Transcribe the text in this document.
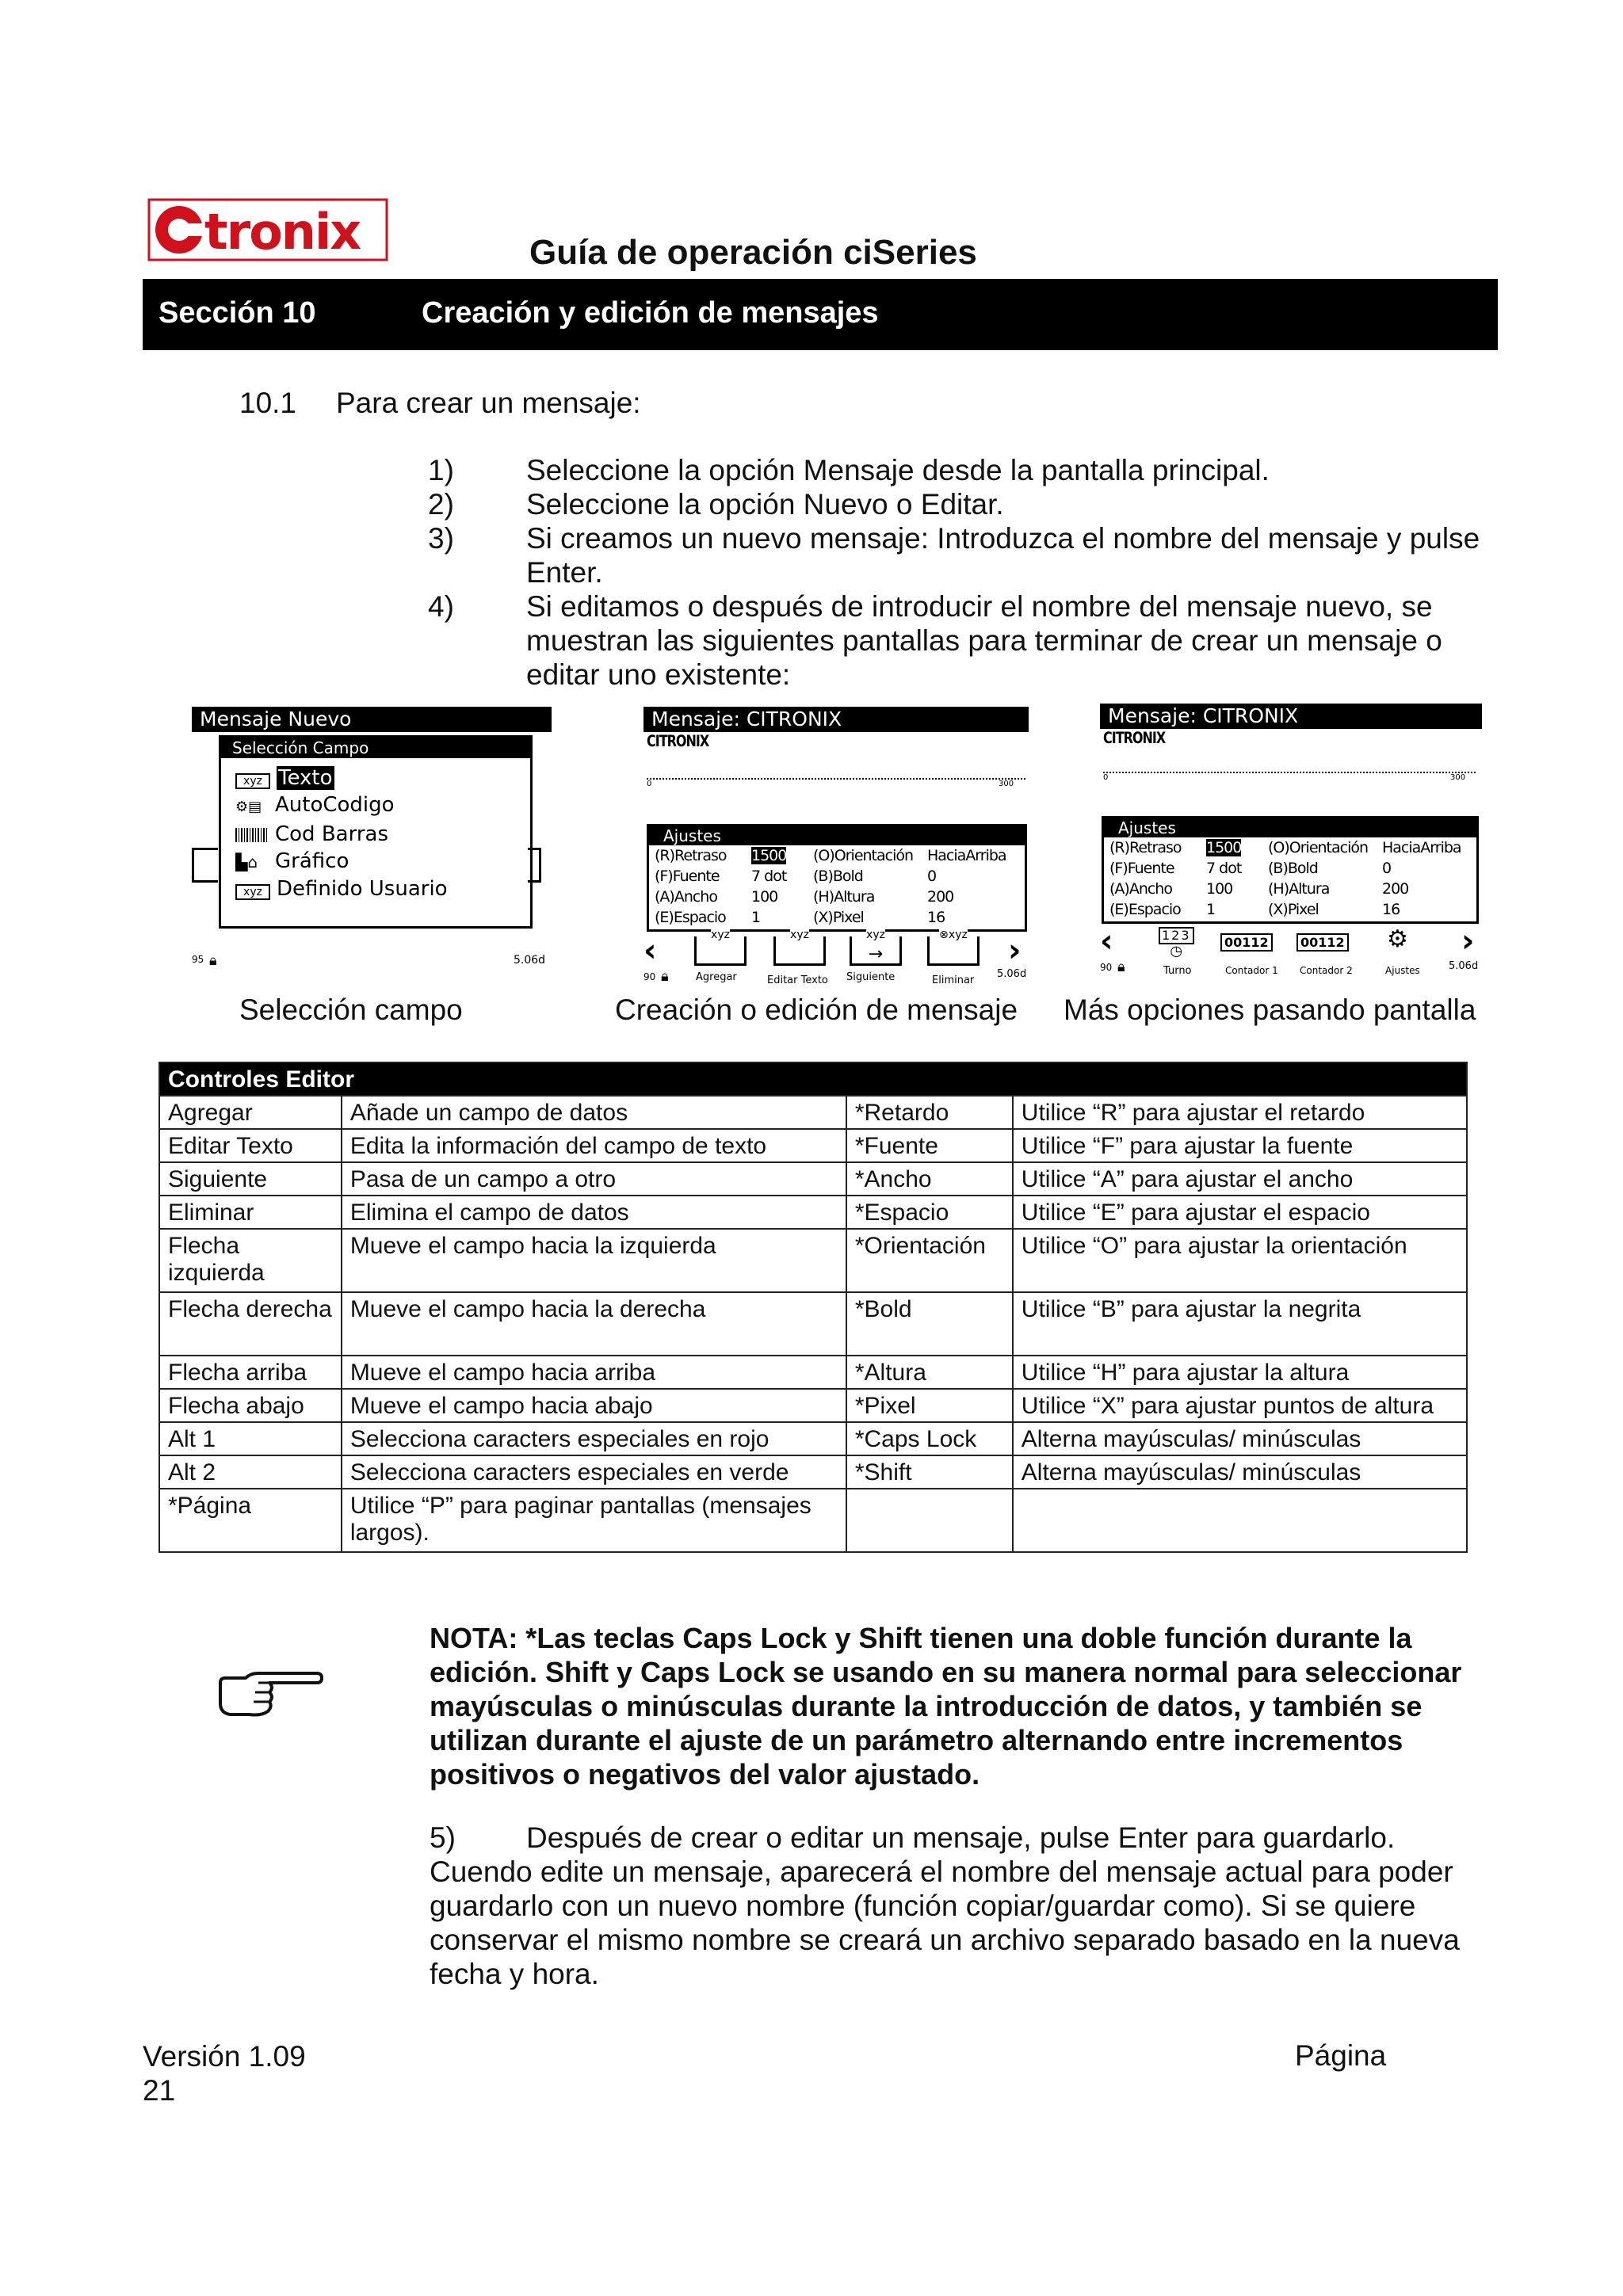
tronix	Guía de operación ciSeries
Sección 10	Creación y edición de mensajes
10.1 Para crear un mensaje:
1)	Seleccione la opción Mensaje desde la pantalla principal.
2)	Seleccione la opción Nuevo o Editar.
3)	Si creamos un nuevo mensaje: Introduzca el nombre del mensaje y pulse Enter.
4)	Si editamos o después de introducir el nombre del mensaje nuevo, se muestran las siguientes pantallas para terminar de crear un mensaje o editar uno existente:
Mensaje Nuevo
Selección Campo
xyz Texto
⚙▤ AutoCodigo
Cod Barras
▙⌂ Gráfico
xyz Definido Usuario
95 🔒︎	5.06d
Selección campo
Mensaje: CITRONIX
CITRONIX
0	300
Ajustes
(R)Retraso	1500	(O)Orientación	HaciaArriba
(F)Fuente	7 dot	(B)Bold	0
(A)Ancho	100	(H)Altura	200
(E)Espacio	1	(X)Pixel	16
‹	xyz	xyz	xyz
→
⊗xyz	›
90 🔒︎	Agregar	Editar Texto Siguiente	Eliminar
5.06d
Creación o edición de mensaje
Mensaje: CITRONIX
CITRONIX
0	300
Ajustes
(R)Retraso	1500	(O)Orientación	HaciaArriba
(F)Fuente	7 dot	(B)Bold	0
(A)Ancho	100	(H)Altura	200
(E)Espacio	1	(X)Pixel	16
‹	123
◷
00112	00112 ⚙︎ ›
90 🔒︎	Turno	Contador 1 Contador 2	Ajustes	5.06d
Más opciones pasando pantalla
Controles Editor			
Agregar	Añade un campo de datos	*Retardo	Utilice “R” para ajustar el retardo
Editar Texto	Edita la información del campo de texto	*Fuente	Utilice “F” para ajustar la fuente
Siguiente	Pasa de un campo a otro	*Ancho	Utilice “A” para ajustar el ancho
Eliminar	Elimina el campo de datos	*Espacio	Utilice “E” para ajustar el espacio
Flecha izquierda	Mueve el campo hacia la izquierda	*Orientación	Utilice “O” para ajustar la orientación
Flecha derecha	Mueve el campo hacia la derecha	*Bold	Utilice “B” para ajustar la negrita
Flecha arriba	Mueve el campo hacia arriba	*Altura	Utilice “H” para ajustar la altura
Flecha abajo	Mueve el campo hacia abajo	*Pixel	Utilice “X” para ajustar puntos de altura
Alt 1	Selecciona caracters especiales en rojo	*Caps Lock	Alterna mayúsculas/ minúsculas
Alt 2	Selecciona caracters especiales en verde	*Shift	Alterna mayúsculas/ minúsculas
*Página	Utilice “P” para paginar pantallas (mensajes largos).		
NOTA: *Las teclas Caps Lock y Shift tienen una doble función durante la edición. Shift y Caps Lock se usando en su manera normal para seleccionar mayúsculas o minúsculas durante la introducción de datos, y también se utilizan durante el ajuste de un parámetro alternando entre incrementos positivos o negativos del valor ajustado.
5) Después de crear o editar un mensaje, pulse Enter para guardarlo. Cuendo edite un mensaje, aparecerá el nombre del mensaje actual para poder guardarlo con un nuevo nombre (función copiar/guardar como). Si se quiere conservar el mismo nombre se creará un archivo separado basado en la nueva fecha y hora.
Versión 1.09
21
Página
